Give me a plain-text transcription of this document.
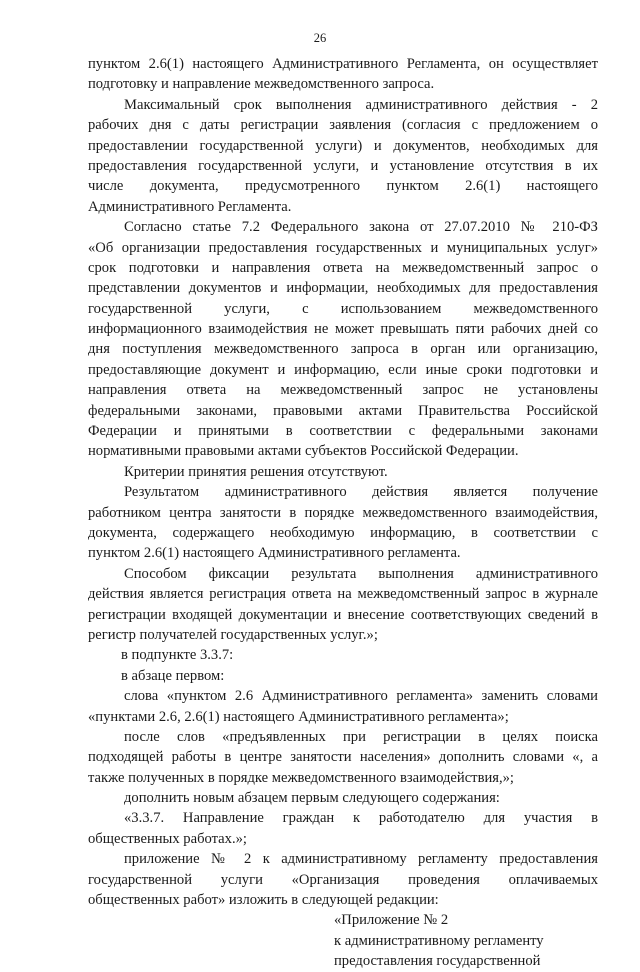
26
пунктом 2.6(1) настоящего Административного Регламента, он осуществляет
подготовку и направление межведомственного запроса.
Максимальный срок выполнения административного действия - 2
рабочих дня с даты регистрации заявления (согласия с предложением о
предоставлении государственной услуги) и документов, необходимых для
предоставления государственной услуги, и установление отсутствия в их
числе документа, предусмотренного пунктом 2.6(1) настоящего
Административного Регламента.
Согласно статье 7.2 Федерального закона от 27.07.2010 № 210-ФЗ
«Об организации предоставления государственных и муниципальных услуг»
срок подготовки и направления ответа на межведомственный запрос о
представлении документов и информации, необходимых для предоставления
государственной услуги, с использованием межведомственного
информационного взаимодействия не может превышать пяти рабочих дней со
дня поступления межведомственного запроса в орган или организацию,
предоставляющие документ и информацию, если иные сроки подготовки и
направления ответа на межведомственный запрос не установлены
федеральными законами, правовыми актами Правительства Российской
Федерации и принятыми в соответствии с федеральными законами
нормативными правовыми актами субъектов Российской Федерации.
Критерии принятия решения отсутствуют.
Результатом административного действия является получение
работником центра занятости в порядке межведомственного взаимодействия,
документа, содержащего необходимую информацию, в соответствии с
пунктом 2.6(1) настоящего Административного регламента.
Способом фиксации результата выполнения административного
действия является регистрация ответа на межведомственный запрос в журнале
регистрации входящей документации и внесение соответствующих сведений в
регистр получателей государственных услуг.»;
в подпункте 3.3.7:
в абзаце первом:
слова «пунктом 2.6 Административного регламента» заменить словами
«пунктами 2.6, 2.6(1) настоящего Административного регламента»;
после слов «предъявленных при регистрации в целях поиска
подходящей работы в центре занятости населения» дополнить словами «, а
также полученных в порядке межведомственного взаимодействия,»;
дополнить новым абзацем первым следующего содержания:
«3.3.7. Направление граждан к работодателю для участия в
общественных работах.»;
приложение № 2 к административному регламенту предоставления
государственной услуги «Организация проведения оплачиваемых
общественных работ» изложить в следующей редакции:
«Приложение № 2
к административному регламенту
предоставления государственной
